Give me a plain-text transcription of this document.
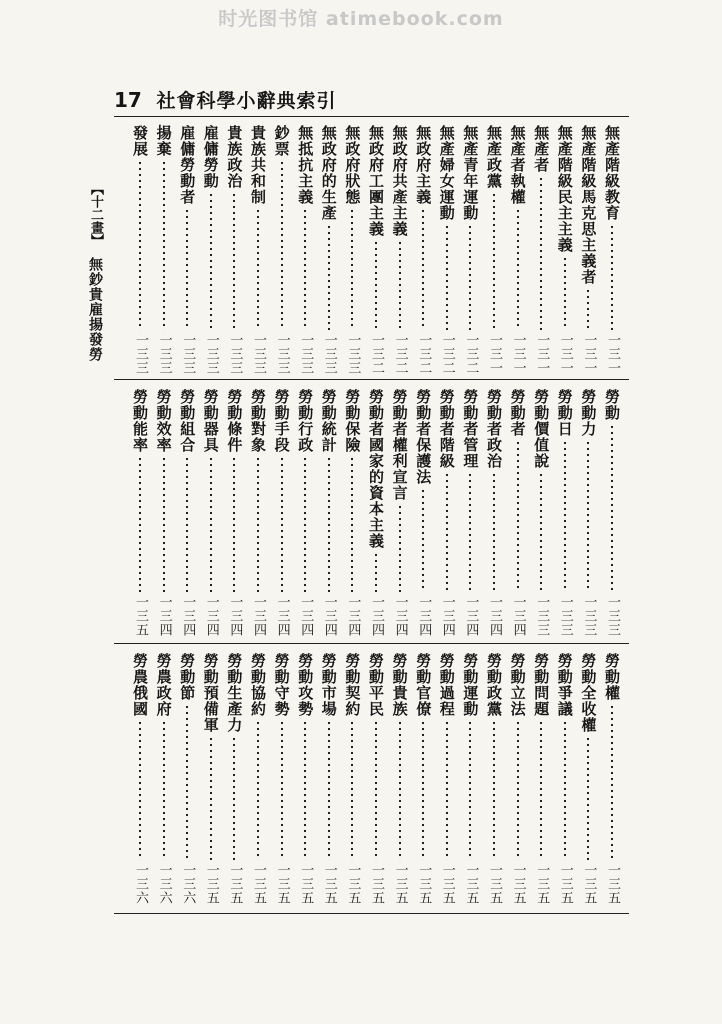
时光图书馆 atimebook.com
17 社會科學小辭典索引
無產階級教育
一三一
無產階級馬克思主義者
一三一
無產階級民主主義
一三一
無產者
一三一
無產者執權
一三一
無產政黨
一三一
無產青年運動
一三二
無產婦女運動
一三二
無政府主義
一三二
無政府共產主義
一三二
無政府工團主義
一三二
無政府狀態
一三三
無政府的生產
一三三
無抵抗主義
一三三
鈔票
一三三
貴族共和制
一三三
貴族政治
一三三
雇傭勞動
一三三
雇傭勞動者
一三三
揚棄
一三三
發展
一三三
勞動
一三三
勞動力
一三三
勞動日
一三三
勞動價值說
一三三
勞動者
一三四
勞動者政治
一三四
勞動者管理
一三四
勞動者階級
一三四
勞動者保護法
一三四
勞動者權利宣言
一三四
勞動者國家的資本主義
一三四
勞動保險
一三四
勞動統計
一三四
勞動行政
一三四
勞動手段
一三四
勞動對象
一三四
勞動條件
一三四
勞動器具
一三四
勞動組合
一三四
勞動效率
一三四
勞動能率
一三五
勞動權
一三五
勞動全收權
一三五
勞動爭議
一三五
勞動問題
一三五
勞動立法
一三五
勞動政黨
一三五
勞動運動
一三五
勞動過程
一三五
勞動官僚
一三五
勞動貴族
一三五
勞動平民
一三五
勞動契約
一三五
勞動市場
一三五
勞動攻勢
一三五
勞動守勢
一三五
勞動協約
一三五
勞動生產力
一三五
勞動預備軍
一三五
勞動節
一三六
勞農政府
一三六
勞農俄國
一三六
【十二畫】
無鈔貴雇揚發勞
